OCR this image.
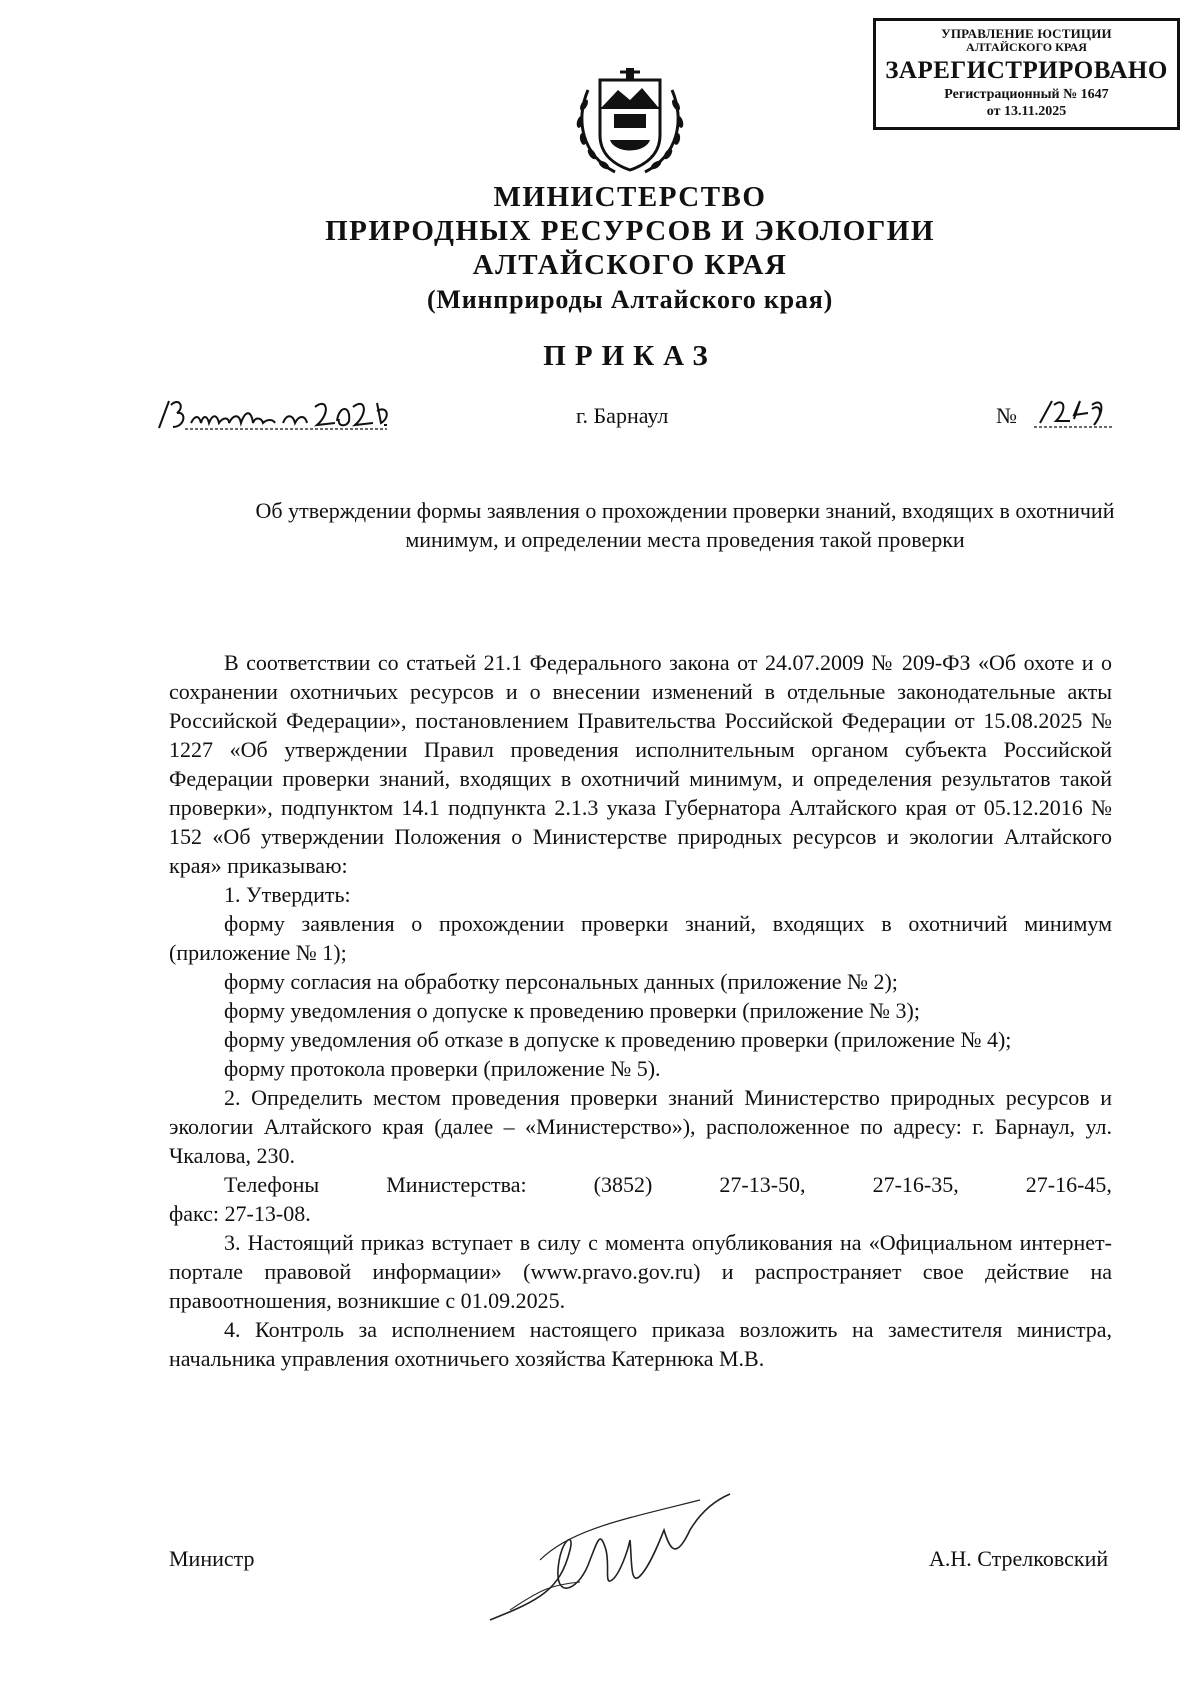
УПРАВЛЕНИЕ ЮСТИЦИИ
АЛТАЙСКОГО КРАЯ
ЗАРЕГИСТРИРОВАНО
Регистрационный № 1647
от 13.11.2025
МИНИСТЕРСТВО
ПРИРОДНЫХ РЕСУРСОВ И ЭКОЛОГИИ
АЛТАЙСКОГО КРАЯ
(Минприроды Алтайского края)
ПРИКАЗ
г. Барнаул	№
Об утверждении формы заявления о прохождении проверки знаний, входящих в охотничий минимум, и определении места проведения такой проверки

В соответствии со статьей 21.1 Федерального закона от 24.07.2009 № 209-ФЗ «Об охоте и о сохранении охотничьих ресурсов и о внесении изменений в отдельные законодательные акты Российской Федерации», постановлением Правительства Российской Федерации от 15.08.2025 № 1227 «Об утверждении Правил проведения исполнительным органом субъекта Российской Федерации проверки знаний, входящих в охотничий минимум, и определения результатов такой проверки», подпунктом 14.1 подпункта 2.1.3 указа Губернатора Алтайского края от 05.12.2016 № 152 «Об утверждении Положения о Министерстве природных ресурсов и экологии Алтайского края» приказываю:

1. Утвердить:

форму заявления о прохождении проверки знаний, входящих в охотничий минимум (приложение № 1);

форму согласия на обработку персональных данных (приложение № 2);

форму уведомления о допуске к проведению проверки (приложение № 3);

форму уведомления об отказе в допуске к проведению проверки (приложение № 4);

форму протокола проверки (приложение № 5).

2. Определить местом проведения проверки знаний Министерство природных ресурсов и экологии Алтайского края (далее – «Министерство»), расположенное по адресу: г. Барнаул, ул. Чкалова, 230.

Телефоны	Министерства:	(3852)	27-13-50,	27-16-35,	27-16-45,

факс: 27-13-08.

3. Настоящий приказ вступает в силу с момента опубликования на «Официальном интернет-портале правовой информации» (www.pravo.gov.ru) и распространяет свое действие на правоотношения, возникшие с 01.09.2025.

4. Контроль за исполнением настоящего приказа возложить на заместителя министра, начальника управления охотничьего хозяйства Катернюка М.В.

Министр	А.Н. Стрелковский
